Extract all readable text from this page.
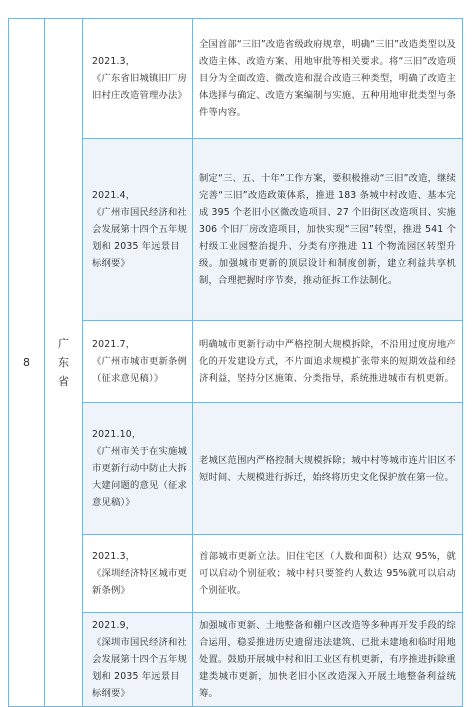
8	广东省	2021.3，
《广东省旧城镇旧厂房旧村庄改造管理办法》	全国首部“三旧”改造省级政府规章，明确“三旧”改造类型以及改造主体、改造方案、用地审批等相关要求。将“三旧”改造项目分为全面改造、微改造和混合改造三种类型，明确了改造主体选择与确定、改造方案编制与实施、五种用地审批类型与条件等内容。

		2021.4，
《广州市国民经济和社会发展第十四个五年规划和 2035 年远景目标纲要》	制定“三、五、十年”工作方案，要积极推动“三旧”改造，继续完善“三旧”改造政策体系，推进 183 条城中村改造、基本完成 395 个老旧小区微改造项目、27 个旧街区改造项目、实施 306 个旧厂房改造项目，加快实现“三园”转型，推进 541 个村级工业园整治提升、分类有序推进 11 个物流园区转型升级。加强城市更新的顶层设计和制度创新，建立利益共享机制，合理把握时序节奏，推动征拆工作法制化。

		2021.7，
《广州市城市更新条例（征求意见稿）》	明确城市更新行动中严格控制大规模拆除，不沿用过度房地产化的开发建设方式，不片面追求规模扩张带来的短期效益和经济利益，坚持分区施策、分类指导，系统推进城市有机更新。

		2021.10，
《广州市关于在实施城市更新行动中防止大拆大建问题的意见（征求意见稿）》	老城区范围内严格控制大规模拆除；城中村等城市连片旧区不短时间、大规模进行拆迁，始终将历史文化保护放在第一位。

		2021.3，
《深圳经济特区城市更新条例》	首部城市更新立法。旧住宅区（人数和面积）达双 95%，就可以启动个别征收；城中村只要签约人数达 95%就可以启动个别征收。

		2021.9，
《深圳市国民经济和社会发展第十四个五年规划和 2035 年远景目标纲要》	加强城市更新、土地整备和棚户区改造等多种再开发手段的综合运用，稳妥推进历史遗留违法建筑、已批未建地和临时用地处置。鼓励开展城中村和旧工业区有机更新，有序推进拆除重建类城市更新，加快老旧小区改造深入开展土地整备利益统筹。
